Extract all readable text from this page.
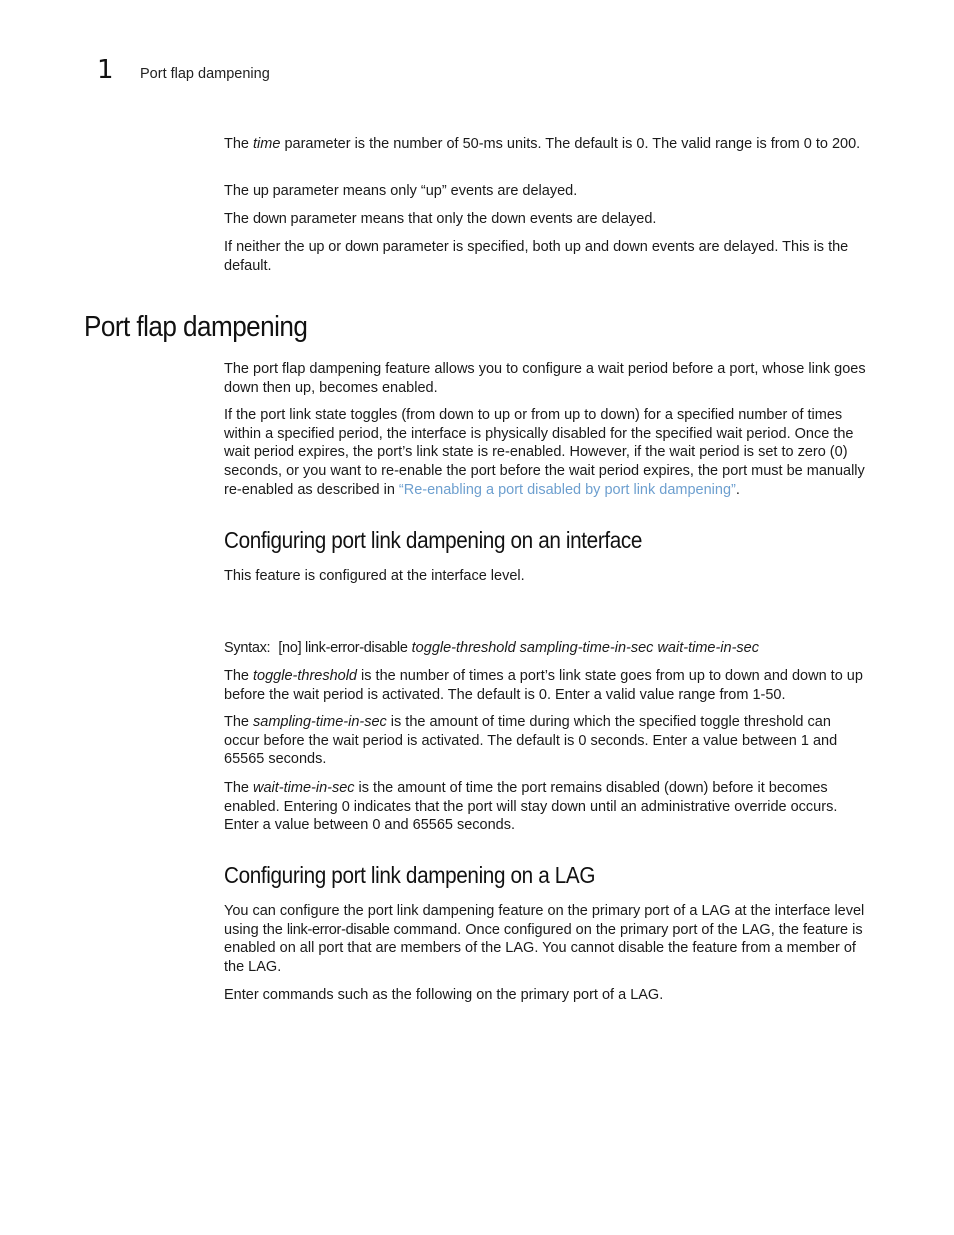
1 Port flap dampening

The time parameter is the number of 50-ms units. The default is 0. The valid range is from 0 to 200.

The up parameter means only “up” events are delayed.

The down parameter means that only the down events are delayed.

If neither the up or down parameter is specified, both up and down events are delayed. This is the default.

Port flap dampening

The port flap dampening feature allows you to configure a wait period before a port, whose link goes down then up, becomes enabled.

If the port link state toggles (from down to up or from up to down) for a specified number of times within a specified period, the interface is physically disabled for the specified wait period. Once the wait period expires, the port’s link state is re-enabled. However, if the wait period is set to zero (0) seconds, or you want to re-enable the port before the wait period expires, the port must be manually re-enabled as described in “Re-enabling a port disabled by port link dampening”.

Configuring port link dampening on an interface

This feature is configured at the interface level.

Syntax: [no] link-error-disable toggle-threshold sampling-time-in-sec wait-time-in-sec

The toggle-threshold is the number of times a port’s link state goes from up to down and down to up before the wait period is activated. The default is 0. Enter a valid value range from 1-50.

The sampling-time-in-sec is the amount of time during which the specified toggle threshold can occur before the wait period is activated. The default is 0 seconds. Enter a value between 1 and 65565 seconds.

The wait-time-in-sec is the amount of time the port remains disabled (down) before it becomes enabled. Entering 0 indicates that the port will stay down until an administrative override occurs. Enter a value between 0 and 65565 seconds.

Configuring port link dampening on a LAG

You can configure the port link dampening feature on the primary port of a LAG at the interface level using the link-error-disable command. Once configured on the primary port of the LAG, the feature is enabled on all port that are members of the LAG. You cannot disable the feature from a member of the LAG.

Enter commands such as the following on the primary port of a LAG.
